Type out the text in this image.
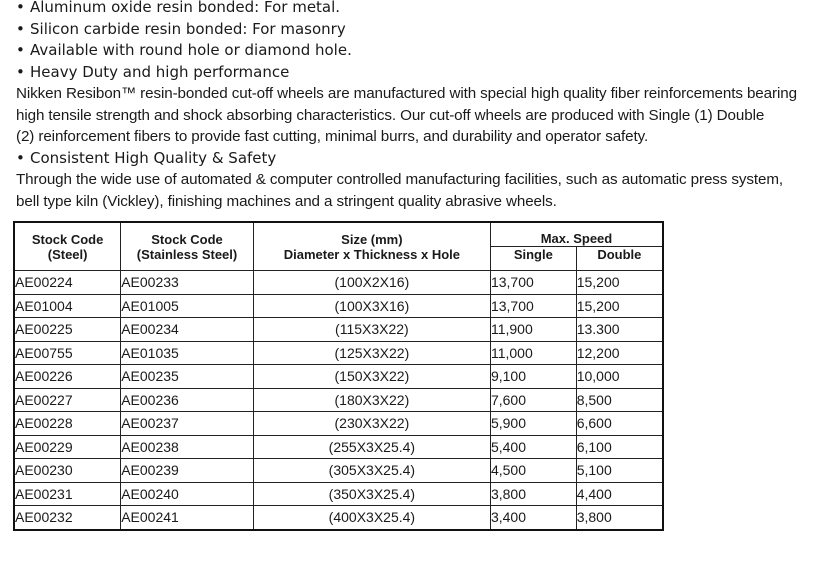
• Aluminum oxide resin bonded: For metal.
• Silicon carbide resin bonded: For masonry
• Available with round hole or diamond hole.
• Heavy Duty and high performance
Nikken Resibon™ resin-bonded cut-off wheels are manufactured with special high quality fiber reinforcements bearing
high tensile strength and shock absorbing characteristics. Our cut-off wheels are produced with Single (1) Double
(2) reinforcement fibers to provide fast cutting, minimal burrs, and durability and operator safety.
• Consistent High Quality & Safety
Through the wide use of automated & computer controlled manufacturing facilities, such as automatic press system,
bell type kiln (Vickley), finishing machines and a stringent quality abrasive wheels.
Stock Code	Stock Code	Size (mm)	Max. Speed	
(Steel)	(Stainless Steel)	Diameter x Thickness x Hole	Single	Double
AE00224	AE00233	(100X2X16)	13,700	15,200
AE01004	AE01005	(100X3X16)	13,700	15,200
AE00225	AE00234	(115X3X22)	11,900	13.300
AE00755	AE01035	(125X3X22)	11,000	12,200
AE00226	AE00235	(150X3X22)	9,100	10,000
AE00227	AE00236	(180X3X22)	7,600	8,500
AE00228	AE00237	(230X3X22)	5,900	6,600
AE00229	AE00238	(255X3X25.4)	5,400	6,100
AE00230	AE00239	(305X3X25.4)	4,500	5,100
AE00231	AE00240	(350X3X25.4)	3,800	4,400
AE00232	AE00241	(400X3X25.4)	3,400	3,800
